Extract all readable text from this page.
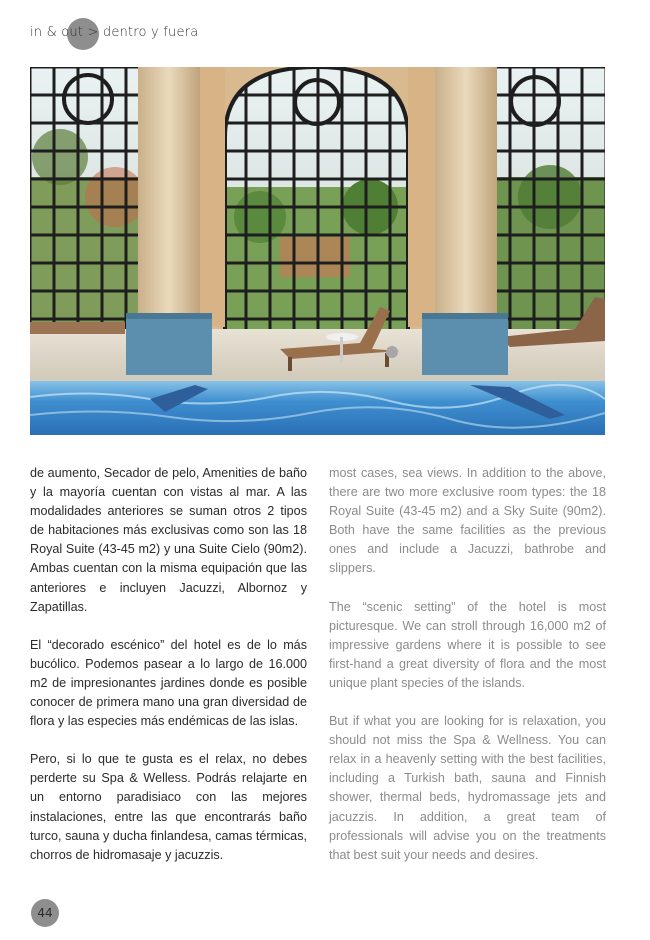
in & out > dentro y fuera

de aumento, Secador de pelo, Amenities de baño y la mayoría cuentan con vistas al mar. A las modalidades anteriores se suman otros 2 tipos de habitaciones más exclusivas como son las 18 Royal Suite (43-45 m2) y una Suite Cielo (90m2). Ambas cuentan con la misma equipación que las anteriores e incluyen Jacuzzi, Albornoz y Zapatillas.

El “decorado escénico” del hotel es de lo más bucólico. Podemos pasear a lo largo de 16.000 m2 de impresionantes jardines donde es posible conocer de primera mano una gran diversidad de flora y las especies más endémicas de las islas.

Pero, si lo que te gusta es el relax, no debes perderte su Spa & Welless. Podrás relajarte en un entorno paradisiaco con las mejores instalaciones, entre las que encontrarás baño turco, sauna y ducha finlandesa, camas térmicas, chorros de hidromasaje y jacuzzis.

most cases, sea views. In addition to the above, there are two more exclusive room types: the 18 Royal Suite (43-45 m2) and a Sky Suite (90m2). Both have the same facilities as the previous ones and include a Jacuzzi, bathrobe and slippers.

The “scenic setting” of the hotel is most picturesque. We can stroll through 16,000 m2 of impressive gardens where it is possible to see first-hand a great diversity of flora and the most unique plant species of the islands.

But if what you are looking for is relaxation, you should not miss the Spa & Wellness. You can relax in a heavenly setting with the best facilities, including a Turkish bath, sauna and Finnish shower, thermal beds, hydromassage jets and jacuzzis. In addition, a great team of professionals will advise you on the treatments that best suit your needs and desires.

44
